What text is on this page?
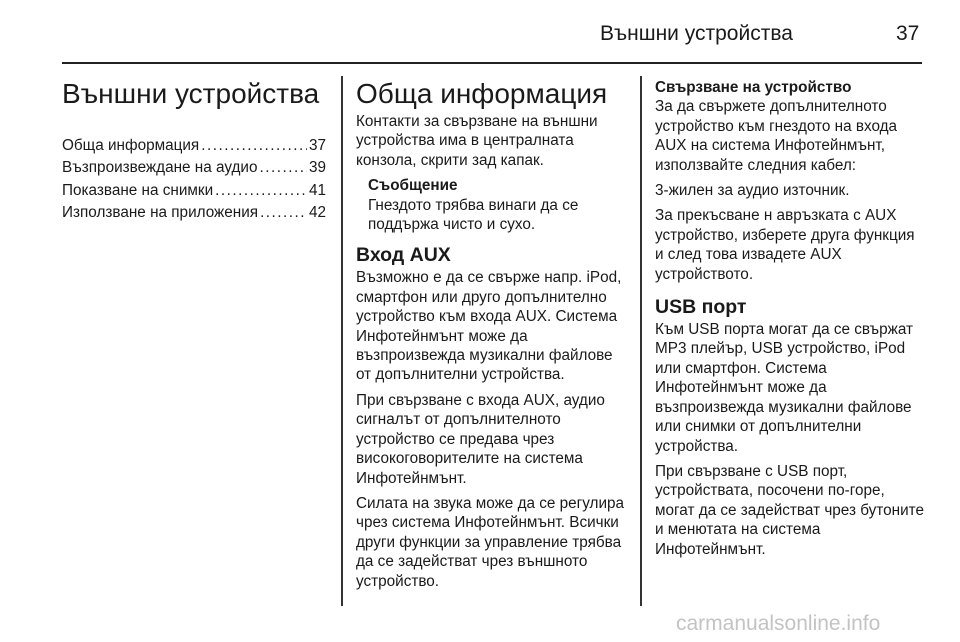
Външни устройства	37
Външни устройства
Обща информация .....	37
Възпроизвеждане на аудио .....	39
Показване на снимки .....	41
Използване на приложения .....	42
Обща информация

Контакти за свързване на външни устройства има в централната конзола, скрити зад капак.

Съобщение
Гнездото трябва винаги да се поддържа чисто и сухо.
Вход AUX

Възможно е да се свърже напр. iPod, смартфон или друго допълнително устройство към входа AUX. Система Инфотейнмънт може да възпроизвежда музикални файлове от допълнителни устройства.

При свързване с входа AUX, аудио сигналът от допълнителното устройство се предава чрез високоговорителите на система Инфотейнмънт.

Силата на звука може да се регулира чрез система Инфотейнмънт. Всички други функции за управление трябва да се задействат чрез външното устройство.

Свързване на устройство

За да свържете допълнителното устройство към гнездото на входа AUX на система Инфотейнмънт, използвайте следния кабел:

3-жилен за аудио източник.

За прекъсване н авръзката с AUX устройство, изберете друга функция и след това извадете AUX устройството.

USB порт

Към USB порта могат да се свържат MP3 плейър, USB устройство, iPod или смартфон. Система Инфотейнмънт може да възпроизвежда музикални файлове или снимки от допълнителни устройства.

При свързване с USB порт, устройствата, посочени по-горе, могат да се задействат чрез бутоните и менютата на система Инфотейнмънт.

carmanualsonline.info
